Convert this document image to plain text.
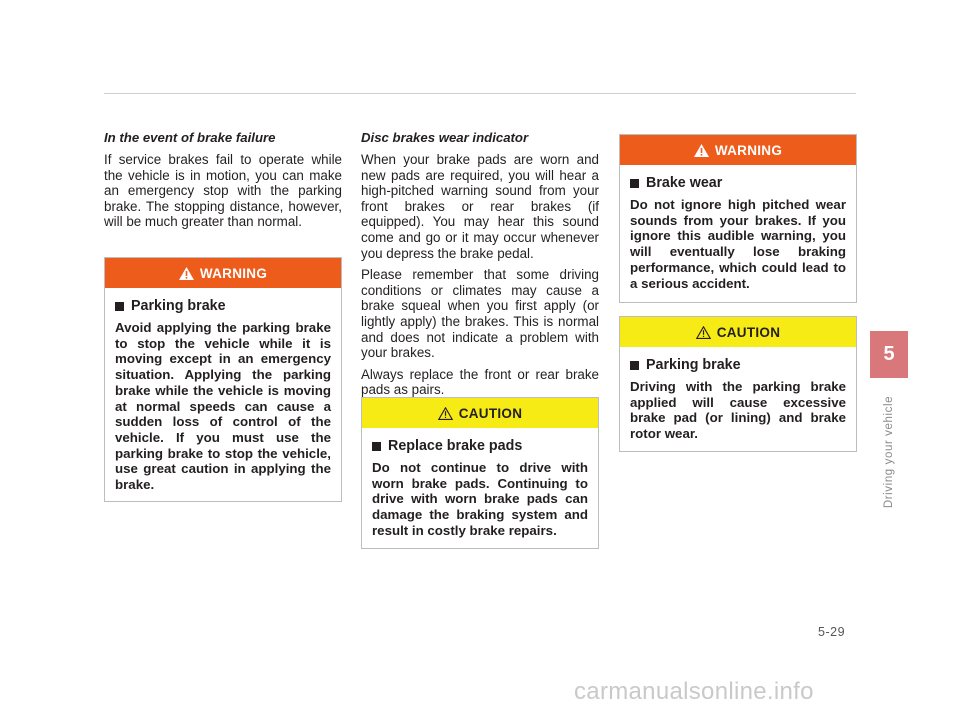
In the event of brake failure

If service brakes fail to operate while the vehicle is in motion, you can make an emergency stop with the parking brake. The stopping distance, however, will be much greater than normal.

WARNING
Parking brake

Avoid applying the parking brake to stop the vehicle while it is moving except in an emergency situation. Applying the parking brake while the vehicle is moving at normal speeds can cause a sudden loss of control of the vehicle. If you must use the parking brake to stop the vehicle, use great caution in applying the brake.

Disc brakes wear indicator

When your brake pads are worn and new pads are required, you will hear a high-pitched warning sound from your front brakes or rear brakes (if equipped). You may hear this sound come and go or it may occur whenever you depress the brake pedal.

Please remember that some driving conditions or climates may cause a brake squeal when you first apply (or lightly apply) the brakes. This is normal and does not indicate a problem with your brakes.

Always replace the front or rear brake pads as pairs.

CAUTION
Replace brake pads

Do not continue to drive with worn brake pads. Continuing to drive with worn brake pads can damage the braking system and result in costly brake repairs.

WARNING
Brake wear

Do not ignore high pitched wear sounds from your brakes. If you ignore this audible warning, you will eventually lose braking performance, which could lead to a serious accident.

CAUTION
Parking brake

Driving with the parking brake applied will cause excessive brake pad (or lining) and brake rotor wear.

5
Driving your vehicle
5-29
carmanualsonline.info
